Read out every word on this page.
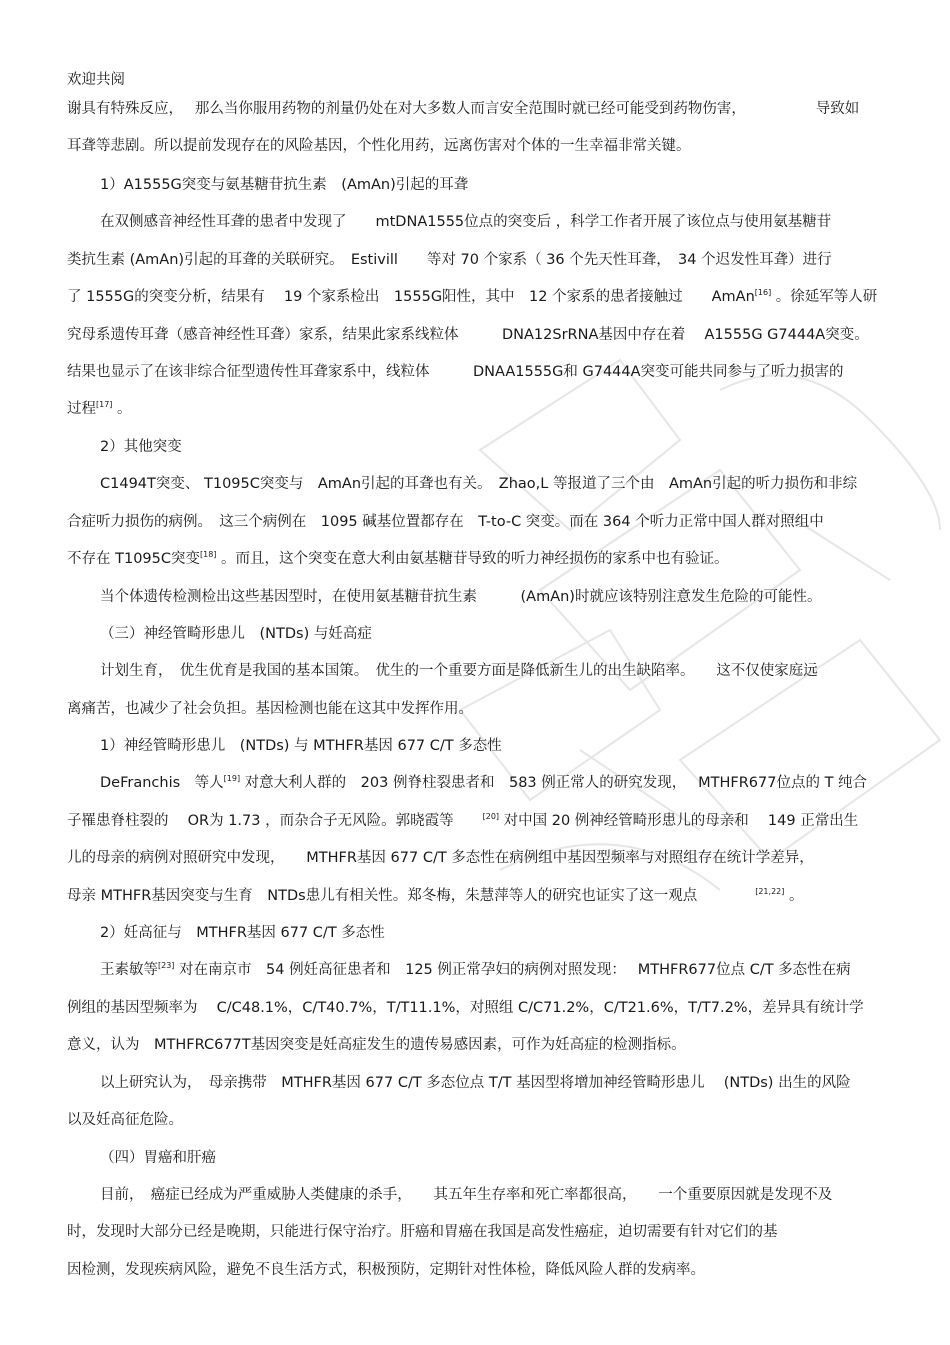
欢迎共阅
谢具有特殊反应，　 那么当你服用药物的剂量仍处在对大多数人而言安全范围时就已经可能受到药物伤害，　　　　　 导致如
耳聋等悲剧。所以提前发现存在的风险基因，个性化用药，远离伤害对个体的一生幸福非常关键。
1）A1555G突变与氨基糖苷抗生素　(AmAn)引起的耳聋
在双侧感音神经性耳聋的患者中发现了　　mtDNA1555位点的突变后 ，科学工作者开展了该位点与使用氨基糖苷
类抗生素 (AmAn)引起的耳聋的关联研究。　Estivill　　等对 70 个家系（ 36 个先天性耳聋，　34 个迟发性耳聋）进行
了 1555G的突变分析，结果有　 19 个家系检出　1555G阳性，其中　12 个家系的患者接触过　　AmAn[16] 。徐延军等人研
究母系遗传耳聋（感音神经性耳聋）家系，结果此家系线粒体　　　DNA12SrRNA基因中存在着　 A1555G G7444A突变。
结果也显示了在该非综合征型遗传性耳聋家系中，线粒体　　　DNAA1555G和 G7444A突变可能共同参与了听力损害的
过程[17] 。
2）其他突变
C1494T突变、 T1095C突变与　AmAn引起的耳聋也有关。　Zhao,L 等报道了三个由　AmAn引起的听力损伤和非综
合症听力损伤的病例。　这三个病例在　1095 碱基位置都存在　T-to-C 突变。而在 364 个听力正常中国人群对照组中
不存在 T1095C突变[18] 。而且，这个突变在意大利由氨基糖苷导致的听力神经损伤的家系中也有验证。
当个体遗传检测检出这些基因型时，在使用氨基糖苷抗生素　　　(AmAn)时就应该特别注意发生危险的可能性。
（三）神经管畸形患儿　(NTDs) 与妊高症
计划生育，　优生优育是我国的基本国策。　优生的一个重要方面是降低新生儿的出生缺陷率。　　这不仅使家庭远
离痛苦，也减少了社会负担。基因检测也能在这其中发挥作用。
1）神经管畸形患儿　(NTDs) 与 MTHFR基因 677 C/T 多态性
DeFranchis　等人[19] 对意大利人群的　203 例脊柱裂患者和　583 例正常人的研究发现，　 MTHFR677位点的 T 纯合
子罹患脊柱裂的　 OR为 1.73 ，而杂合子无风险。郭晓霞等　　[20] 对中国 20 例神经管畸形患儿的母亲和　 149 正常出生
儿的母亲的病例对照研究中发现，　　MTHFR基因 677 C/T 多态性在病例组中基因型频率与对照组存在统计学差异，
母亲 MTHFR基因突变与生育　NTDs患儿有相关性。郑冬梅，朱慧萍等人的研究也证实了这一观点　　　　[21,22] 。
2）妊高征与　MTHFR基因 677 C/T 多态性
王素敏等[23] 对在南京市　54 例妊高征患者和　125 例正常孕妇的病例对照发现：　 MTHFR677位点 C/T 多态性在病
例组的基因型频率为　 C/C48.1%，C/T40.7%，T/T11.1%，对照组 C/C71.2%，C/T21.6%，T/T7.2%，差异具有统计学
意义，认为　MTHFRC677T基因突变是妊高症发生的遗传易感因素，可作为妊高症的检测指标。
以上研究认为，　母亲携带　MTHFR基因 677 C/T 多态位点 T/T 基因型将增加神经管畸形患儿　 (NTDs) 出生的风险
以及妊高征危险。
（四）胃癌和肝癌
目前，　癌症已经成为严重威胁人类健康的杀手，　　其五年生存率和死亡率都很高，　　一个重要原因就是发现不及
时，发现时大部分已经是晚期，只能进行保守治疗。肝癌和胃癌在我国是高发性癌症，迫切需要有针对它们的基
因检测，发现疾病风险，避免不良生活方式，积极预防，定期针对性体检，降低风险人群的发病率。
